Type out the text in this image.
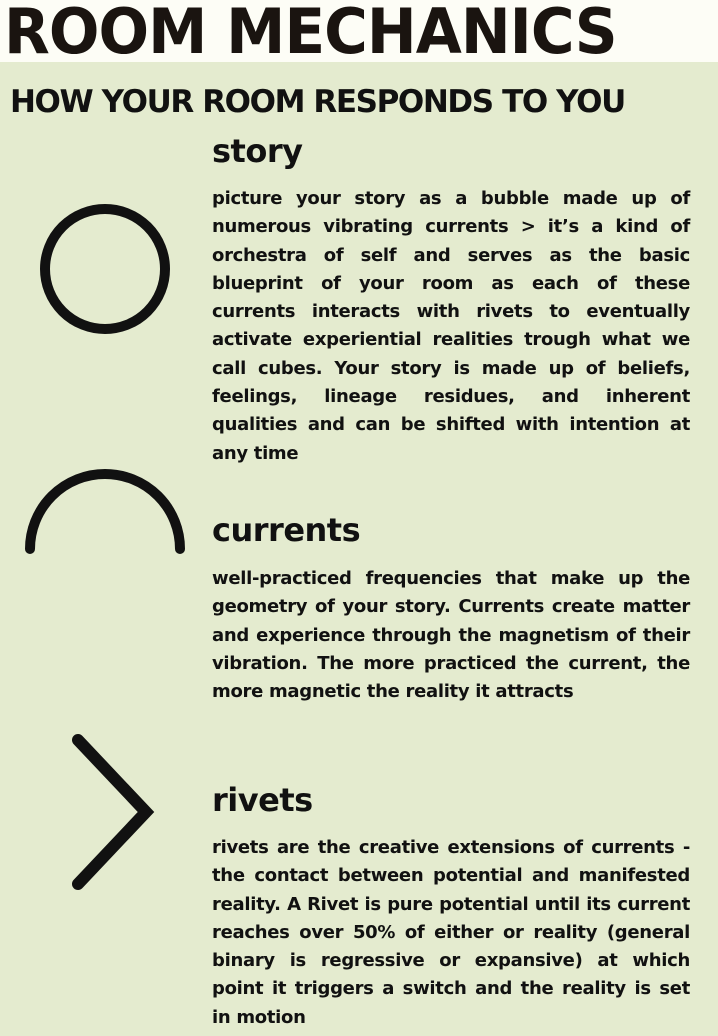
ROOM MECHANICS
HOW YOUR ROOM RESPONDS TO YOU
story
picture your story as a bubble made up of numerous vibrating currents > it’s a kind of orchestra of self and serves as the basic blueprint of your room as each of these currents interacts with rivets to eventually activate experiential realities trough what we call cubes. Your story is made up of beliefs, feelings, lineage residues, and inherent qualities and can be shifted with intention at any time
currents
well-practiced frequencies that make up the geometry of your story. Currents create matter and experience through the magnetism of their vibration. The more practiced the current, the more magnetic the reality it attracts
rivets
rivets are the creative extensions of currents - the contact between potential and manifested reality. A Rivet is pure potential until its current reaches over 50% of either or reality (general binary is regressive or expansive) at which point it triggers a switch and the reality is set in motion
